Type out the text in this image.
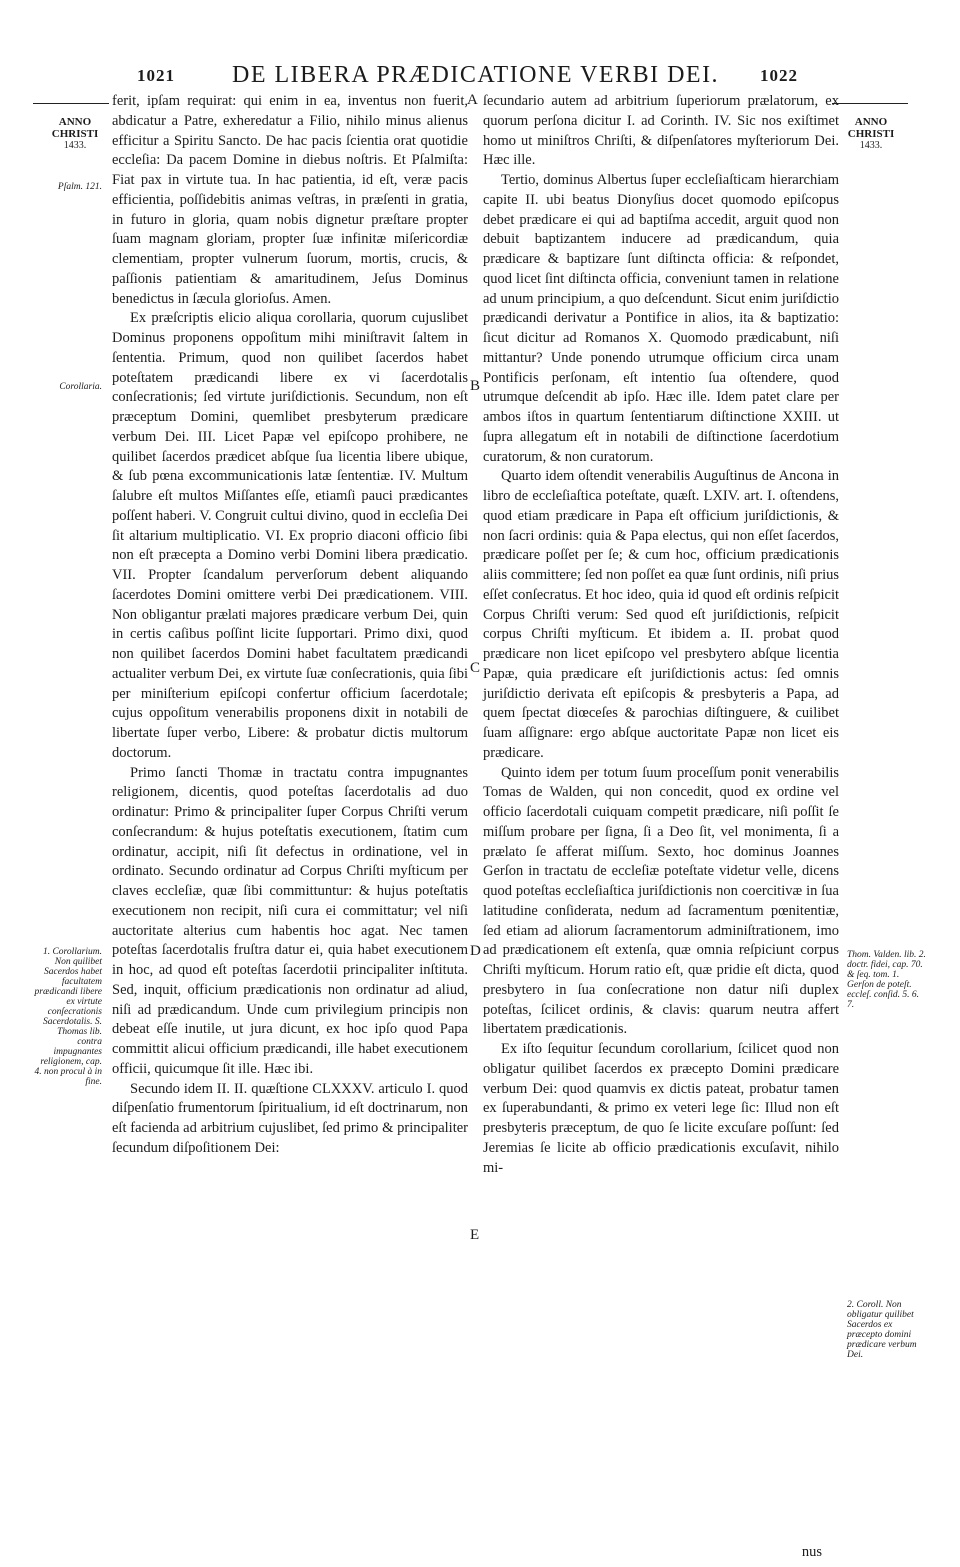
1021 DE LIBERA PRÆDICATIONE VERBI DEI. 1022
ANNO
CHRISTI
1433.
ANNO
CHRISTI
1433.
Pſalm. 121.
Corollaria.
1. Corollarium. Non quilibet Sacerdos habet facultatem prædicandi libere ex virtute conſecrationis Sacerdotalis. S. Thomas lib. contra impugnantes religionem, cap. 4. non procul à in fine.
Thom. Valden. lib. 2. doctr. fidei, cap. 70. & ſeq. tom. 1. Gerſon de poteſt. eccleſ. conſid. 5. 6. 7.
2. Coroll. Non obligatur quilibet Sacerdos ex præcepto domini prædicare verbum Dei.
A
B
C
D
E

ferit, ipſam requirat: qui enim in ea, inventus non fuerit, abdicatur a Patre, exheredatur a Filio, nihilo minus alienus efficitur a Spiritu Sancto. De hac pacis ſcientia orat quotidie eccleſia: Da pacem Domine in diebus noſtris. Et Pſalmiſta: Fiat pax in virtute tua. In hac patientia, id eſt, veræ pacis efficientia, poſſidebitis animas veſtras, in præſenti in gratia, in futuro in gloria, quam nobis dignetur præſtare propter ſuam magnam gloriam, propter ſuæ infinitæ miſericordiæ clementiam, propter vulnerum ſuorum, mortis, crucis, & paſſionis patientiam & amaritudinem, Jeſus Dominus benedictus in ſæcula glorioſus. Amen.

Ex præſcriptis elicio aliqua corollaria, quorum cujuslibet Dominus proponens oppoſitum mihi miniſtravit ſaltem in ſententia. Primum, quod non quilibet ſacerdos habet poteſtatem prædicandi libere ex vi ſacerdotalis conſecrationis; ſed virtute juriſdictionis. Secundum, non eſt præceptum Domini, quemlibet presbyterum prædicare verbum Dei. III. Licet Papæ vel epiſcopo prohibere, ne quilibet ſacerdos prædicet abſque ſua licentia libere ubique, & ſub pœna excommunicationis latæ ſententiæ. IV. Multum ſalubre eſt multos Miſſantes eſſe, etiamſi pauci prædicantes poſſent haberi. V. Congruit cultui divino, quod in eccleſia Dei ſit altarium multiplicatio. VI. Ex proprio diaconi officio ſibi non eſt præcepta a Domino verbi Domini libera prædicatio. VII. Propter ſcandalum perverſorum debent aliquando ſacerdotes Domini omittere verbi Dei prædicationem. VIII. Non obligantur prælati majores prædicare verbum Dei, quin in certis caſibus poſſint licite ſupportari. Primo dixi, quod non quilibet ſacerdos Domini habet facultatem prædicandi actualiter verbum Dei, ex virtute ſuæ conſecrationis, quia ſibi per miniſterium epiſcopi confertur officium ſacerdotale; cujus oppoſitum venerabilis proponens dixit in notabili de libertate ſuper verbo, Libere: & probatur dictis multorum doctorum.

Primo ſancti Thomæ in tractatu contra impugnantes religionem, dicentis, quod poteſtas ſacerdotalis ad duo ordinatur: Primo & principaliter ſuper Corpus Chriſti verum conſecrandum: & hujus poteſtatis executionem, ſtatim cum ordinatur, accipit, niſi ſit defectus in ordinatione, vel in ordinato. Secundo ordinatur ad Corpus Chriſti myſticum per claves eccleſiæ, quæ ſibi committuntur: & hujus poteſtatis executionem non recipit, niſi cura ei committatur; vel niſi auctoritate alterius cum habentis hoc agat. Nec tamen poteſtas ſacerdotalis fruſtra datur ei, quia habet executionem in hoc, ad quod eſt poteſtas ſacerdotii principaliter inſtituta. Sed, inquit, officium prædicationis non ordinatur ad aliud, niſi ad prædicandum. Unde cum privilegium principis non debeat eſſe inutile, ut jura dicunt, ex hoc ipſo quod Papa committit alicui officium prædicandi, ille habet executionem officii, quicumque ſit ille. Hæc ibi.

Secundo idem II. II. quæſtione CLXXXV. articulo I. quod diſpenſatio frumentorum ſpiritualium, id eſt doctrinarum, non eſt facienda ad arbitrium cujuslibet, ſed primo & principaliter ſecundum diſpoſitionem Dei:

ſecundario autem ad arbitrium ſuperiorum prælatorum, ex quorum perſona dicitur I. ad Corinth. IV. Sic nos exiſtimet homo ut miniſtros Chriſti, & diſpenſatores myſteriorum Dei. Hæc ille.

Tertio, dominus Albertus ſuper eccleſiaſticam hierarchiam capite II. ubi beatus Dionyſius docet quomodo epiſcopus debet prædicare ei qui ad baptiſma accedit, arguit quod non debuit baptizantem inducere ad prædicandum, quia prædicare & baptizare ſunt diſtincta officia: & reſpondet, quod licet ſint diſtincta officia, conveniunt tamen in relatione ad unum principium, a quo deſcendunt. Sicut enim juriſdictio prædicandi derivatur a Pontifice in alios, ita & baptizatio: ſicut dicitur ad Romanos X. Quomodo prædicabunt, niſi mittantur? Unde ponendo utrumque officium circa unam Pontificis perſonam, eſt intentio ſua oſtendere, quod utrumque deſcendit ab ipſo. Hæc ille. Idem patet clare per ambos iſtos in quartum ſententiarum diſtinctione XXIII. ut ſupra allegatum eſt in notabili de diſtinctione ſacerdotium curatorum, & non curatorum.

Quarto idem oſtendit venerabilis Auguſtinus de Ancona in libro de eccleſiaſtica poteſtate, quæſt. LXIV. art. I. oſtendens, quod etiam prædicare in Papa eſt officium juriſdictionis, & non ſacri ordinis: quia & Papa electus, qui non eſſet ſacerdos, prædicare poſſet per ſe; & cum hoc, officium prædicationis aliis committere; ſed non poſſet ea quæ ſunt ordinis, niſi prius eſſet conſecratus. Et hoc ideo, quia id quod eſt ordinis reſpicit Corpus Chriſti verum: Sed quod eſt juriſdictionis, reſpicit corpus Chriſti myſticum. Et ibidem a. II. probat quod prædicare non licet epiſcopo vel presbytero abſque licentia Papæ, quia prædicare eſt juriſdictionis actus: ſed omnis juriſdictio derivata eſt epiſcopis & presbyteris a Papa, ad quem ſpectat diœceſes & parochias diſtinguere, & cuilibet ſuam aſſignare: ergo abſque auctoritate Papæ non licet eis prædicare.

Quinto idem per totum ſuum proceſſum ponit venerabilis Tomas de Walden, qui non concedit, quod ex ordine vel officio ſacerdotali cuiquam competit prædicare, niſi poſſit ſe miſſum probare per ſigna, ſi a Deo ſit, vel monimenta, ſi a prælato ſe afferat miſſum. Sexto, hoc dominus Joannes Gerſon in tractatu de eccleſiæ poteſtate videtur velle, dicens quod poteſtas eccleſiaſtica juriſdictionis non coercitivæ in ſua latitudine conſiderata, nedum ad ſacramentum pœnitentiæ, ſed etiam ad aliorum ſacramentorum adminiſtrationem, imo ad prædicationem eſt extenſa, quæ omnia reſpiciunt corpus Chriſti myſticum. Horum ratio eſt, quæ pridie eſt dicta, quod presbytero in ſua conſecratione non datur niſi duplex poteſtas, ſcilicet ordinis, & clavis: quarum neutra affert libertatem prædicationis.

Ex iſto ſequitur ſecundum corollarium, ſcilicet quod non obligatur quilibet ſacerdos ex præcepto Domini prædicare verbum Dei: quod quamvis ex dictis pateat, probatur tamen ex ſuperabundanti, & primo ex veteri lege ſic: Illud non eſt presbyteris præceptum, de quo ſe licite excuſare poſſunt: ſed Jeremias ſe licite ab officio prædicationis excuſavit, nihilo mi-

nus
